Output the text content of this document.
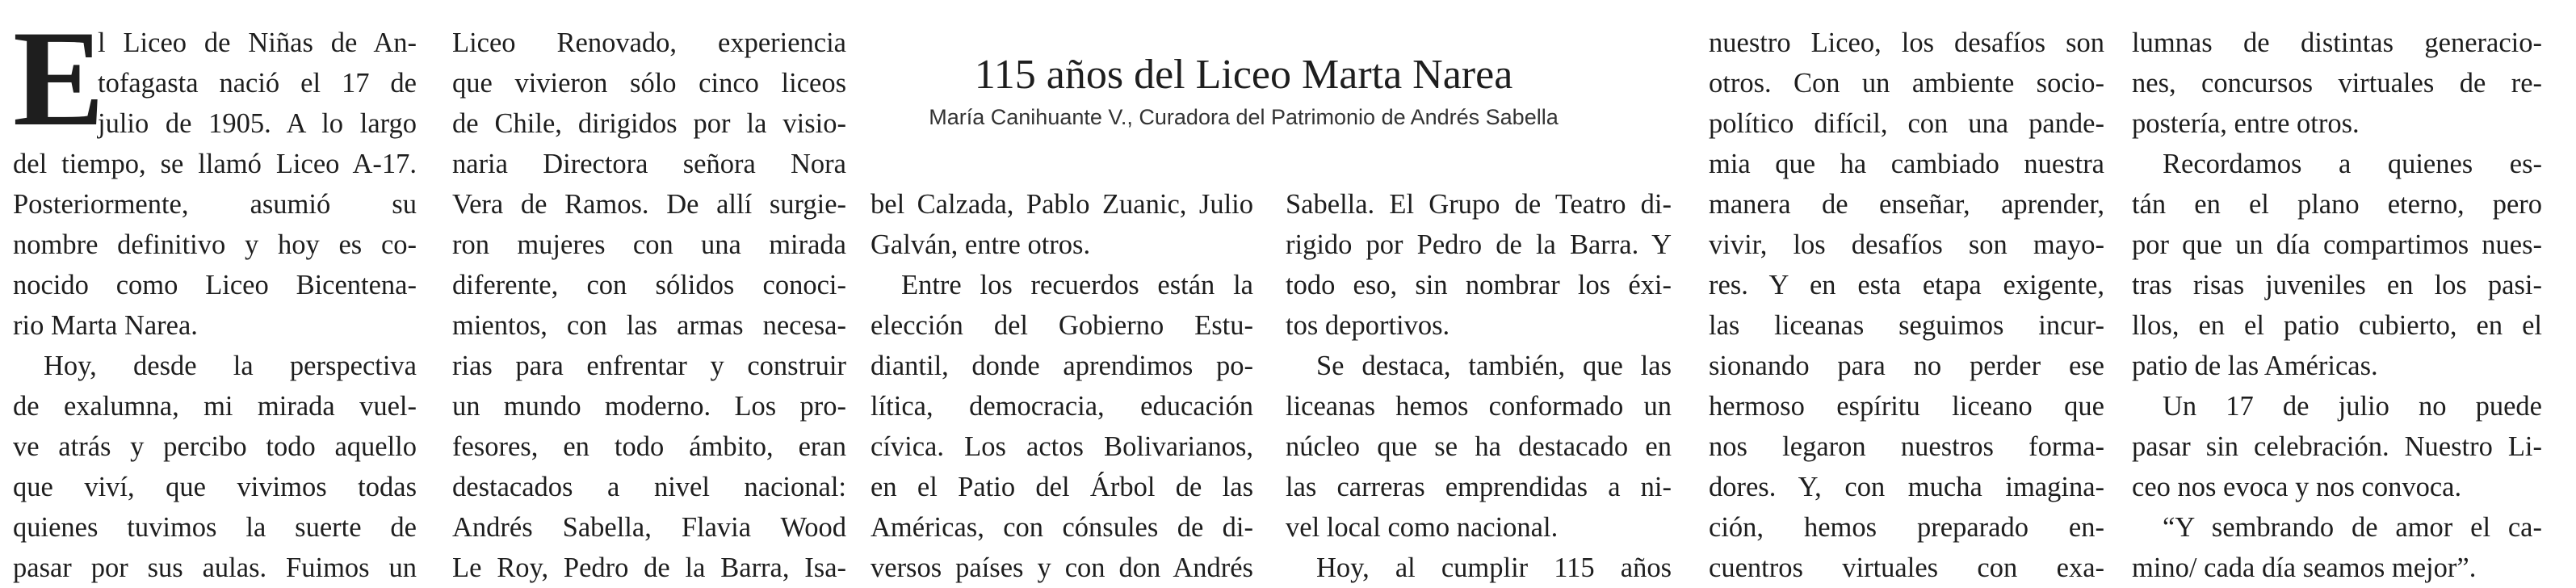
115 años del Liceo Marta Narea
María Canihuante V., Curadora del Patrimonio de Andrés Sabella
E
l Liceo de Niñas de An-
tofagasta nació el 17 de
julio de 1905. A lo largo
del tiempo, se llamó Liceo A-17.
Posteriormente, asumió su
nombre definitivo y hoy es co-
nocido como Liceo Bicentena-
rio Marta Narea.
Hoy, desde la perspectiva
de exalumna, mi mirada vuel-
ve atrás y percibo todo aquello
que viví, que vivimos todas
quienes tuvimos la suerte de
pasar por sus aulas. Fuimos un
Liceo Renovado, experiencia
que vivieron sólo cinco liceos
de Chile, dirigidos por la visio-
naria Directora señora Nora
Vera de Ramos. De allí surgie-
ron mujeres con una mirada
diferente, con sólidos conoci-
mientos, con las armas necesa-
rias para enfrentar y construir
un mundo moderno. Los pro-
fesores, en todo ámbito, eran
destacados a nivel nacional:
Andrés Sabella, Flavia Wood
Le Roy, Pedro de la Barra, Isa-
bel Calzada, Pablo Zuanic, Julio
Galván, entre otros.
Entre los recuerdos están la
elección del Gobierno Estu-
diantil, donde aprendimos po-
lítica, democracia, educación
cívica. Los actos Bolivarianos,
en el Patio del Árbol de las
Américas, con cónsules de di-
versos países y con don Andrés
Sabella. El Grupo de Teatro di-
rigido por Pedro de la Barra. Y
todo eso, sin nombrar los éxi-
tos deportivos.
Se destaca, también, que las
liceanas hemos conformado un
núcleo que se ha destacado en
las carreras emprendidas a ni-
vel local como nacional.
Hoy, al cumplir 115 años
nuestro Liceo, los desafíos son
otros. Con un ambiente socio-
político difícil, con una pande-
mia que ha cambiado nuestra
manera de enseñar, aprender,
vivir, los desafíos son mayo-
res. Y en esta etapa exigente,
las liceanas seguimos incur-
sionando para no perder ese
hermoso espíritu liceano que
nos legaron nuestros forma-
dores. Y, con mucha imagina-
ción, hemos preparado en-
cuentros virtuales con exa-
lumnas de distintas generacio-
nes, concursos virtuales de re-
postería, entre otros.
Recordamos a quienes es-
tán en el plano eterno, pero
por que un día compartimos nues-
tras risas juveniles en los pasi-
llos, en el patio cubierto, en el
patio de las Américas.
Un 17 de julio no puede
pasar sin celebración. Nuestro Li-
ceo nos evoca y nos convoca.
“Y sembrando de amor el ca-
mino/ cada día seamos mejor”.
